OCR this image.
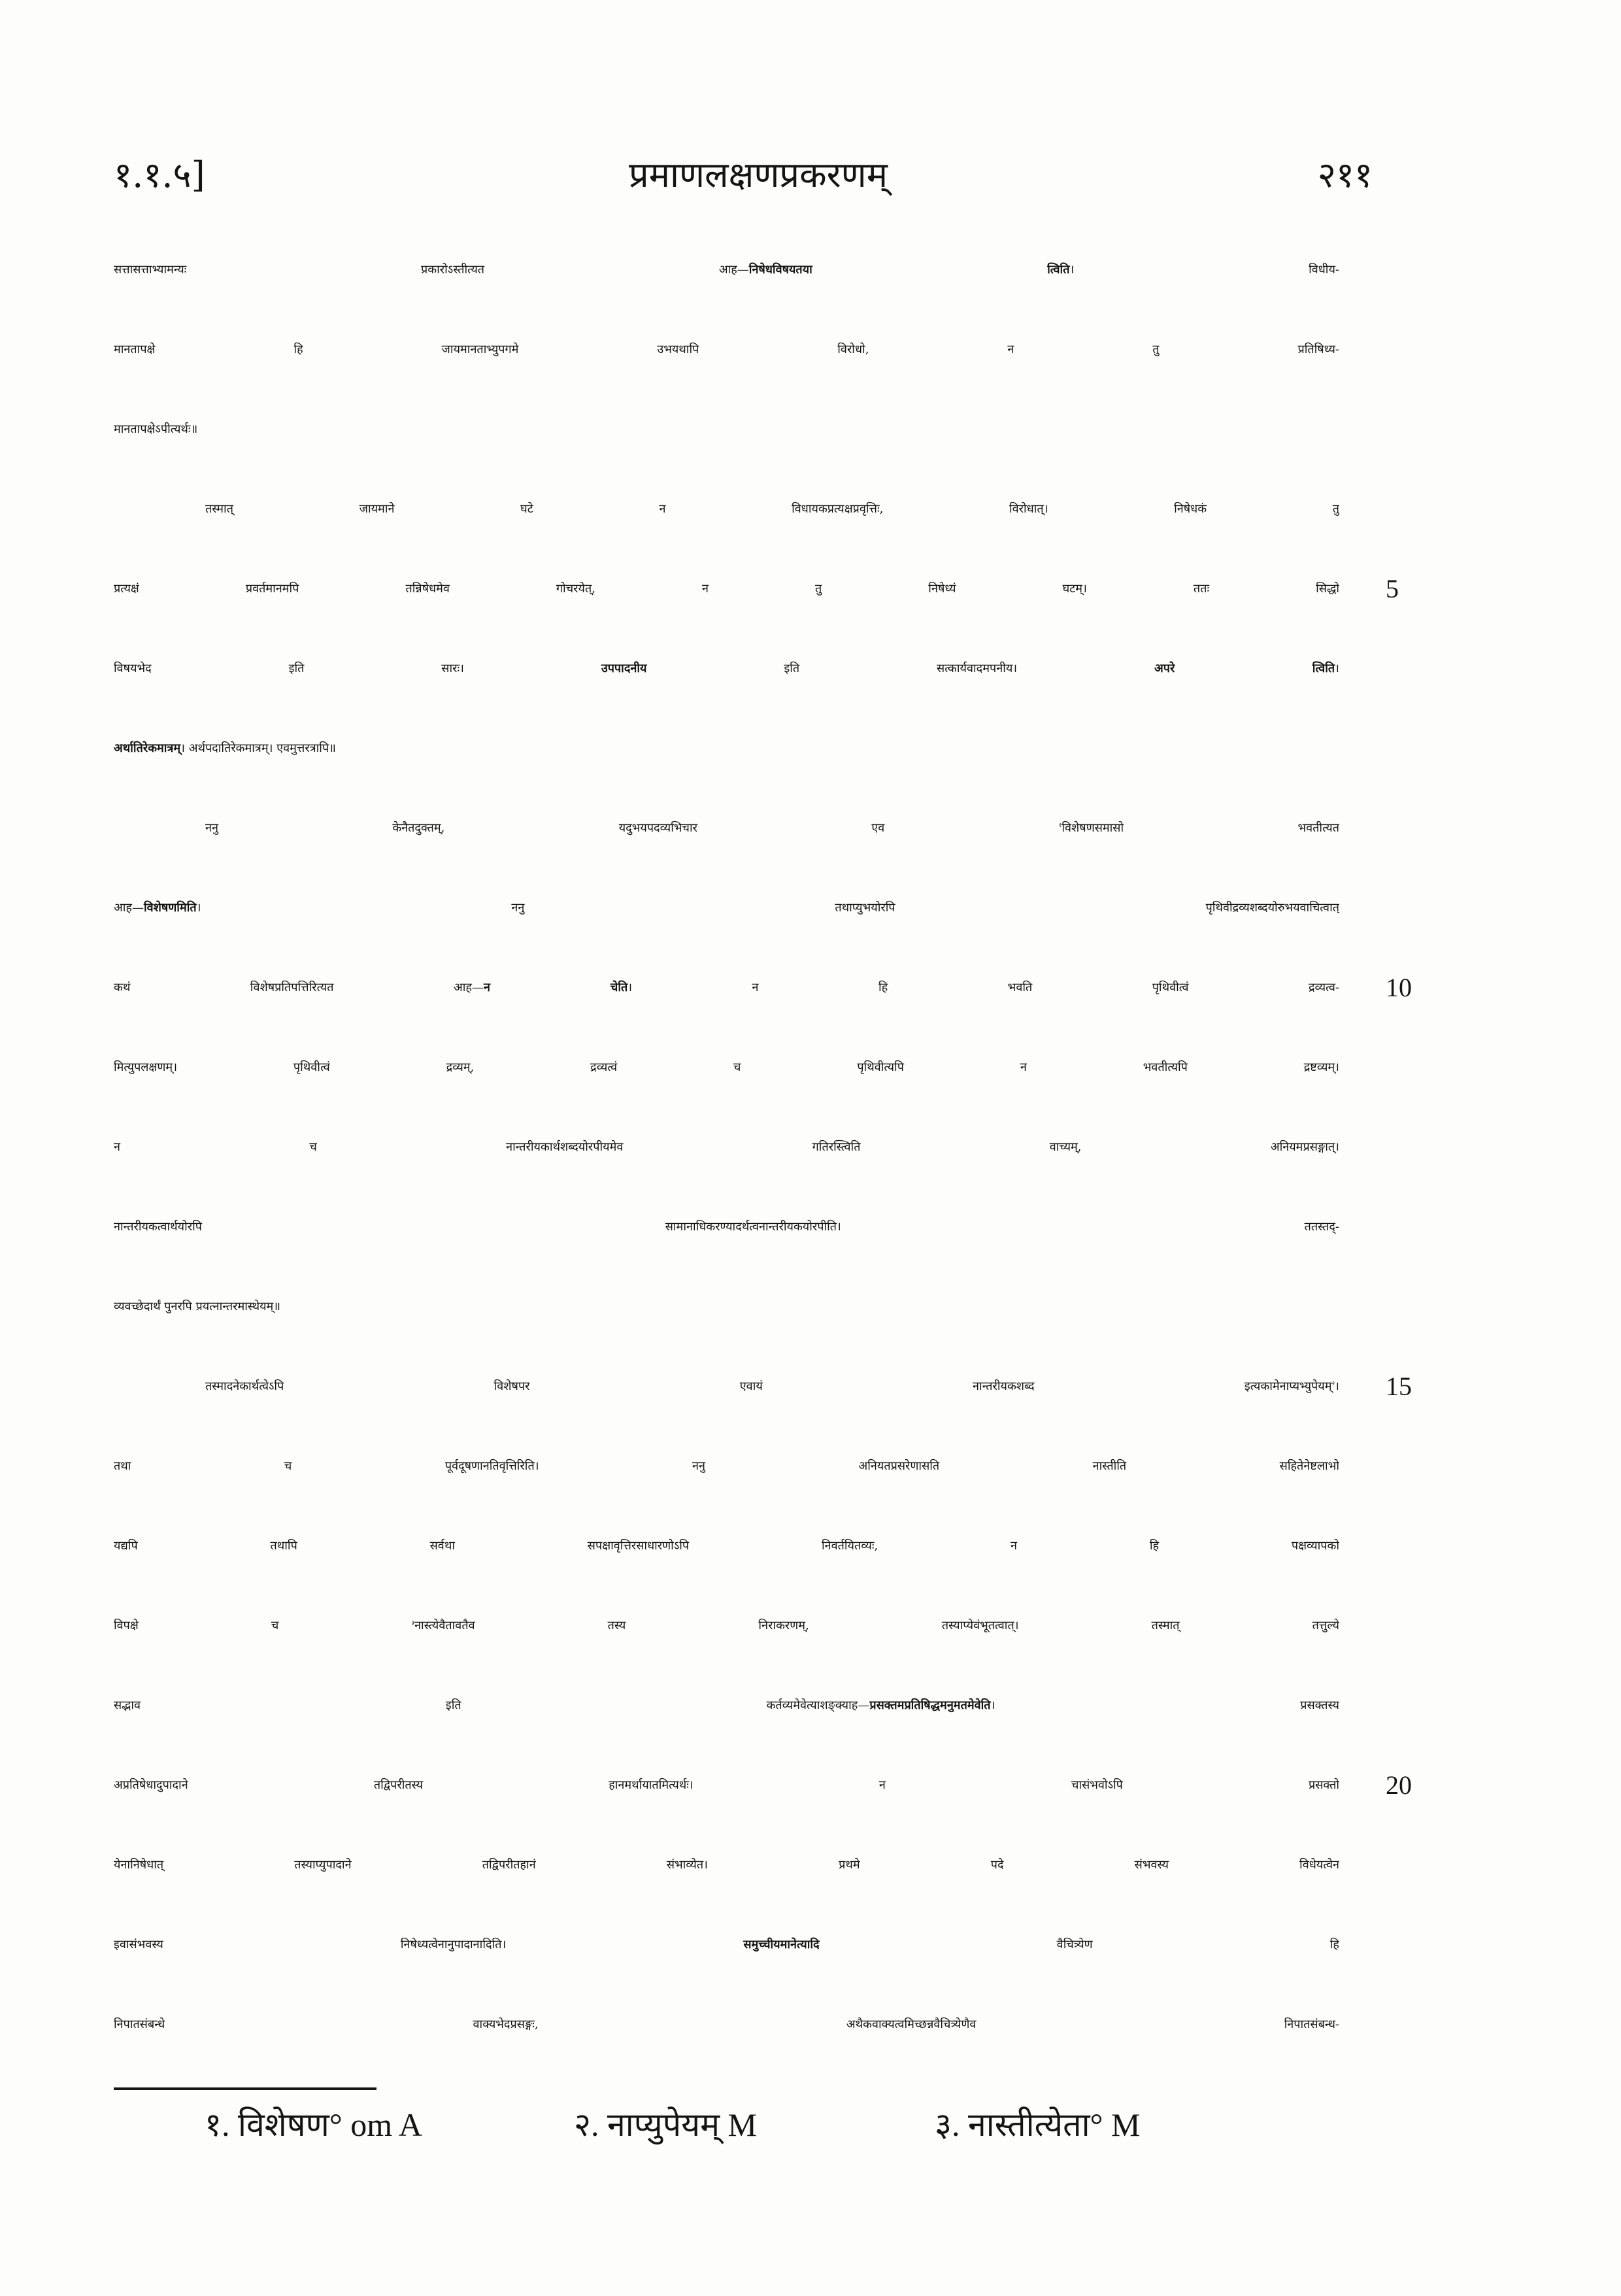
१.१.५]	प्रमाणलक्षणप्रकरणम्	२११
सत्तासत्ताभ्यामन्यः प्रकारोऽस्तीत्यत आह—निषेधविषयतया त्विति। विधीय-
मानतापक्षे हि जायमानताभ्युपगमे उभयथापि विरोधो, न तु प्रतिषिध्य-
मानतापक्षेऽपीत्यर्थः॥
तस्मात् जायमाने घटे न विधायकप्रत्यक्षप्रवृत्तिः, विरोधात्। निषेधकं तु
प्रत्यक्षं प्रवर्तमानमपि तन्निषेधमेव गोचरयेत्, न तु निषेध्यं घटम्। ततः सिद्धो 5
विषयभेद इति सारः। उपपादनीय इति सत्कार्यवादमपनीय। अपरे त्विति।
अर्थातिरेकमात्रम्। अर्थपदातिरेकमात्रम्। एवमुत्तरत्रापि॥
ननु केनैतदुक्तम्, यदुभयपदव्यभिचार एव $^१$विशेषणसमासो भवतीत्यत
आह—विशेषणमिति। ननु तथाप्युभयोरपि पृथिवीद्रव्यशब्दयोरुभयवाचित्वात्
कथं विशेषप्रतिपत्तिरित्यत आह—न चेति। न हि भवति पृथिवीत्वं द्रव्यत्व- 10
मित्युपलक्षणम्। पृथिवीत्वं द्रव्यम्, द्रव्यत्वं च पृथिवीत्यपि न भवतीत्यपि द्रष्टव्यम्।
न च नान्तरीयकार्थशब्दयोरपीयमेव गतिरस्त्विति वाच्यम्, अनियमप्रसङ्गात्।
नान्तरीयकत्वार्थयोरपि सामानाधिकरण्यादर्थत्वनान्तरीयकयोरपीति। ततस्तद्-
व्यवच्छेदार्थं पुनरपि प्रयत्नान्तरमास्थेयम्॥
तस्मादनेकार्थत्वेऽपि विशेषपर एवायं नान्तरीयकशब्द इत्यकामेनाप्यभ्युपेयम्$^२$। 15
तथा च पूर्वदूषणानतिवृत्तिरिति। ननु अनियतप्रसरेणासति नास्तीति सहितेनेष्टलाभो
यद्यपि तथापि सर्वथा सपक्षावृत्तिरसाधारणोऽपि निवर्तयितव्यः, न हि पक्षव्यापको
विपक्षे च $^३$नास्त्येवैतावतैव तस्य निराकरणम्, तस्याप्येवंभूतत्वात्। तस्मात् तत्तुल्ये
सद्भाव इति कर्तव्यमेवेत्याशङ्क्याह—प्रसक्तमप्रतिषिद्धमनुमतमेवेति। प्रसक्तस्य
अप्रतिषेधादुपादाने तद्विपरीतस्य हानमर्थायातमित्यर्थः। न चासंभवोऽपि प्रसक्तो 20
येनानिषेधात् तस्याप्युपादाने तद्विपरीतहानं संभाव्येत। प्रथमे पदे संभवस्य विधेयत्वेन
इवासंभवस्य निषेध्यत्वेनानुपादानादिति। समुच्चीयमानेत्यादि वैचित्र्येण हि
निपातसंबन्धे वाक्यभेदप्रसङ्गः, अथैकवाक्यत्वमिच्छन्नवैचित्र्येणैव निपातसंबन्ध-
१. विशेषण° om A	२. नाप्युपेयम् M	३. नास्तीत्येता° M
